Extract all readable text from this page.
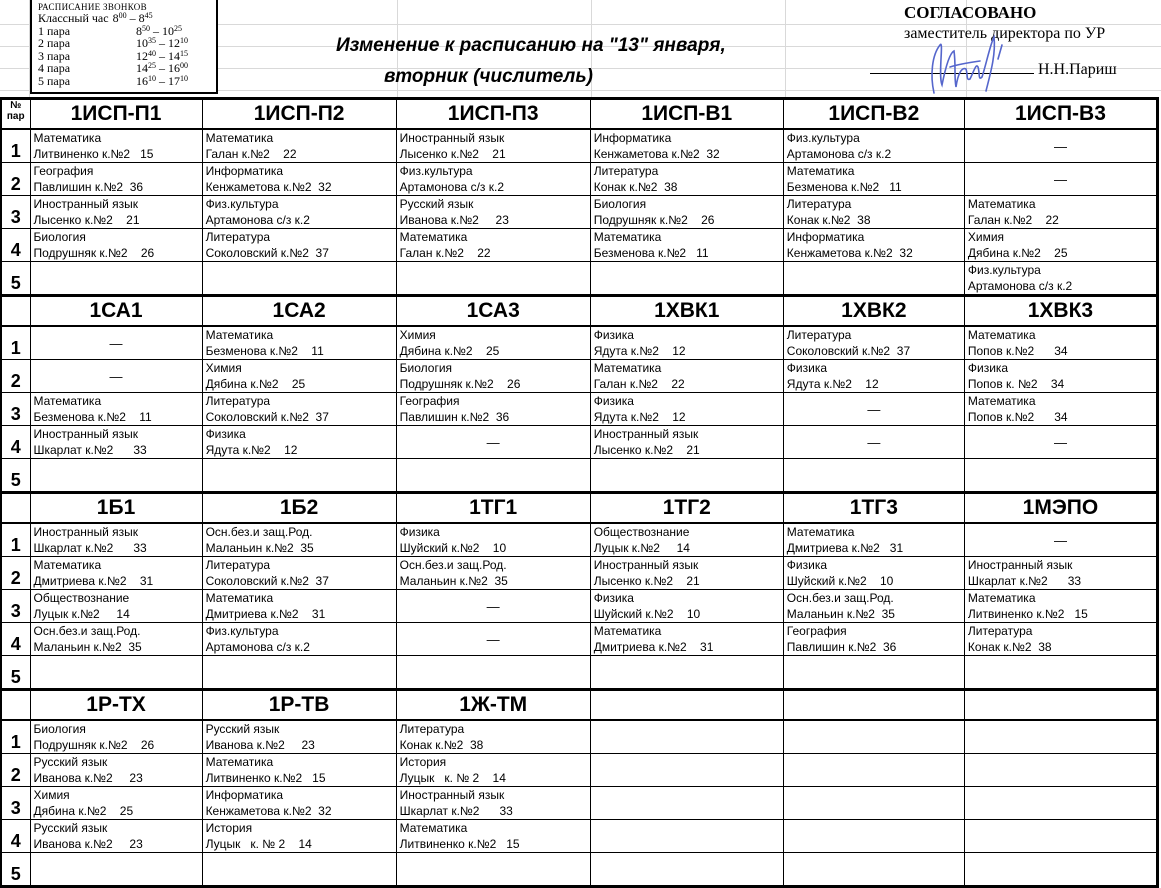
РАСПИСАНИЕ ЗВОНКОВ
Классный час $8^{00} - 8^{45}$
1 пара	$8^{50} - 10^{25}$
2 пара	$10^{35} - 12^{10}$
3 пара	$12^{40} - 14^{15}$
4 пара	$14^{25} - 16^{00}$
5 пара	$16^{10} - 17^{10}$
Изменение к расписанию на "13" января,
вторник (числитель)
СОГЛАСОВАНО
заместитель директора по УР
Н.Н.Париш
№ пар	1ИСП-П1	1ИСП-П2	1ИСП-П3	1ИСП-В1	1ИСП-В2	1ИСП-В3
1	Математика
Литвиненко к.№2   15	Математика
Галан к.№2    22	Иностранный язык
Лысенко к.№2    21	Информатика
Кенжаметова к.№2  32	Физ.культура
Артамонова с/з к.2	—
2	География
Павлишин к.№2  36	Информатика
Кенжаметова к.№2  32	Физ.культура
Артамонова с/з к.2	Литература
Конак к.№2  38	Математика
Безменова к.№2   11	—
3	Иностранный язык
Лысенко к.№2    21	Физ.культура
Артамонова с/з к.2	Русский язык
Иванова к.№2     23	Биология
Подрушняк к.№2    26	Литература
Конак к.№2  38	Математика
Галан к.№2    22

4	Биология
Подрушняк к.№2    26	Литература
Соколовский к.№2  37	Математика
Галан к.№2    22	Математика
Безменова к.№2   11	Информатика
Кенжаметова к.№2  32	Химия
Дябина к.№2    25

5						Физ.культура
Артамонова с/з к.2

	1СА1	1СА2	1СА3	1ХВК1	1ХВК2	1ХВК3
1	—	Математика
Безменова к.№2    11	Химия
Дябина к.№2    25	Физика
Ядута к.№2    12	Литература
Соколовский к.№2  37	Математика
Попов к.№2      34

2	—	Химия
Дябина к.№2    25	Биология
Подрушняк к.№2    26	Математика
Галан к.№2    22	Физика
Ядута к.№2    12	Физика
Попов к. №2    34

3	Математика
Безменова к.№2    11	Литература
Соколовский к.№2  37	География
Павлишин к.№2  36	Физика
Ядута к.№2    12	—	Математика
Попов к.№2      34

4	Иностранный язык
Шкарлат к.№2      33	Физика
Ядута к.№2    12	—	Иностранный язык
Лысенко к.№2    21	—	—
5						
	1Б1	1Б2	1ТГ1	1ТГ2	1ТГ3	1МЭПО
1	Иностранный язык
Шкарлат к.№2      33	Осн.без.и защ.Род.
Маланьин к.№2  35	Физика
Шуйский к.№2    10	Обществознание
Луцык к.№2     14	Математика
Дмитриева к.№2   31	—
2	Математика
Дмитриева к.№2    31	Литература
Соколовский к.№2  37	Осн.без.и защ.Род.
Маланьин к.№2  35	Иностранный язык
Лысенко к.№2    21	Физика
Шуйский к.№2    10	Иностранный язык
Шкарлат к.№2      33

3	Обществознание
Луцык к.№2     14	Математика
Дмитриева к.№2    31	—	Физика
Шуйский к.№2    10	Осн.без.и защ.Род.
Маланьин к.№2  35	Математика
Литвиненко к.№2   15

4	Осн.без.и защ.Род.
Маланьин к.№2  35	Физ.культура
Артамонова с/з к.2	—	Математика
Дмитриева к.№2    31	География
Павлишин к.№2  36	Литература
Конак к.№2  38

5						
	1Р-ТХ	1Р-ТВ	1Ж-ТМ			
1	Биология
Подрушняк к.№2    26	Русский язык
Иванова к.№2     23	Литература
Конак к.№2  38			

2	Русский язык
Иванова к.№2     23	Математика
Литвиненко к.№2   15	История
Луцык   к. № 2    14			

3	Химия
Дябина к.№2    25	Информатика
Кенжаметова к.№2  32	Иностранный язык
Шкарлат к.№2      33			

4	Русский язык
Иванова к.№2     23	История
Луцык   к. № 2    14	Математика
Литвиненко к.№2   15			

5						
